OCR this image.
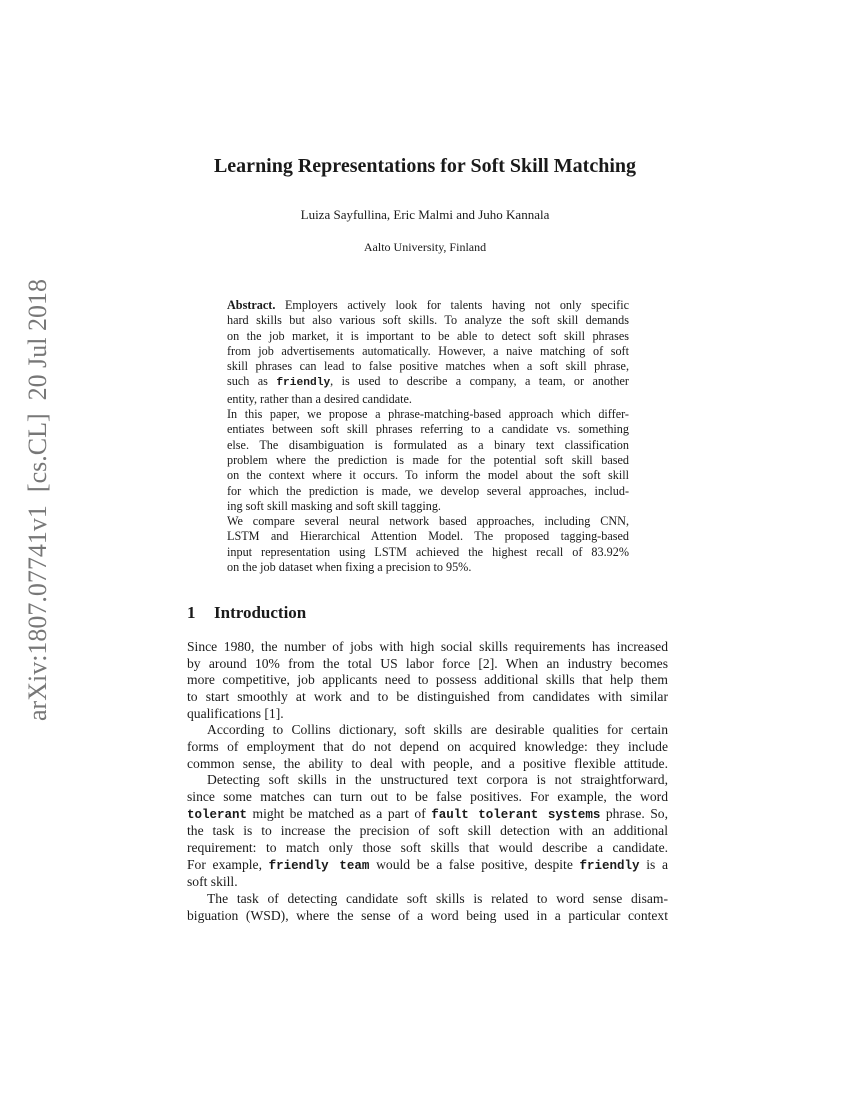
arXiv:1807.07741v1  [cs.CL]  20 Jul 2018
Learning Representations for Soft Skill Matching
Luiza Sayfullina, Eric Malmi and Juho Kannala
Aalto University, Finland
Abstract. Employers actively look for talents having not only specific
hard skills but also various soft skills. To analyze the soft skill demands
on the job market, it is important to be able to detect soft skill phrases
from job advertisements automatically. However, a naive matching of soft
skill phrases can lead to false positive matches when a soft skill phrase,
such as friendly, is used to describe a company, a team, or another
entity, rather than a desired candidate.
In this paper, we propose a phrase-matching-based approach which differ-
entiates between soft skill phrases referring to a candidate vs. something
else. The disambiguation is formulated as a binary text classification
problem where the prediction is made for the potential soft skill based
on the context where it occurs. To inform the model about the soft skill
for which the prediction is made, we develop several approaches, includ-
ing soft skill masking and soft skill tagging.
We compare several neural network based approaches, including CNN,
LSTM and Hierarchical Attention Model. The proposed tagging-based
input representation using LSTM achieved the highest recall of 83.92%
on the job dataset when fixing a precision to 95%.
1 Introduction
Since 1980, the number of jobs with high social skills requirements has increased
by around 10% from the total US labor force [2]. When an industry becomes
more competitive, job applicants need to possess additional skills that help them
to start smoothly at work and to be distinguished from candidates with similar
qualifications [1].
According to Collins dictionary, soft skills are desirable qualities for certain
forms of employment that do not depend on acquired knowledge: they include
common sense, the ability to deal with people, and a positive flexible attitude.
Detecting soft skills in the unstructured text corpora is not straightforward,
since some matches can turn out to be false positives. For example, the word
tolerant might be matched as a part of fault tolerant systems phrase. So,
the task is to increase the precision of soft skill detection with an additional
requirement: to match only those soft skills that would describe a candidate.
For example, friendly team would be a false positive, despite friendly is a
soft skill.
The task of detecting candidate soft skills is related to word sense disam-
biguation (WSD), where the sense of a word being used in a particular context
